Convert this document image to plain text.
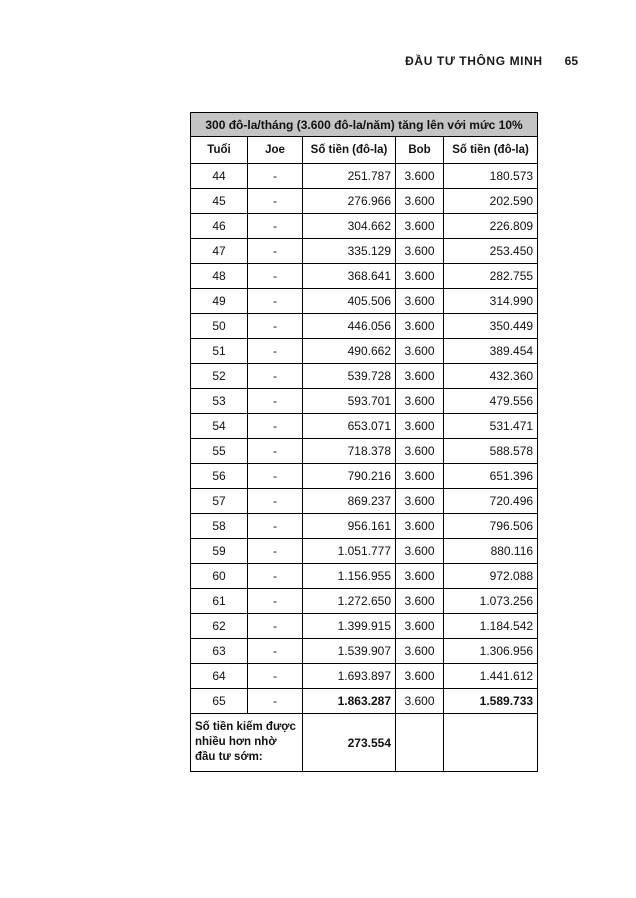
ĐẦU TƯ THÔNG MINH 65
300 đô-la/tháng (3.600 đô-la/năm) tăng lên với mức 10%				
Tuổi	Joe	Số tiền (đô-la)	Bob	Số tiền (đô-la)
44	-	251.787	3.600	180.573
45	-	276.966	3.600	202.590
46	-	304.662	3.600	226.809
47	-	335.129	3.600	253.450
48	-	368.641	3.600	282.755
49	-	405.506	3.600	314.990
50	-	446.056	3.600	350.449
51	-	490.662	3.600	389.454
52	-	539.728	3.600	432.360
53	-	593.701	3.600	479.556
54	-	653.071	3.600	531.471
55	-	718.378	3.600	588.578
56	-	790.216	3.600	651.396
57	-	869.237	3.600	720.496
58	-	956.161	3.600	796.506
59	-	1.051.777	3.600	880.116
60	-	1.156.955	3.600	972.088
61	-	1.272.650	3.600	1.073.256
62	-	1.399.915	3.600	1.184.542
63	-	1.539.907	3.600	1.306.956
64	-	1.693.897	3.600	1.441.612
65	-	1.863.287	3.600	1.589.733
Số tiền kiếm được nhiều hơn nhờ đầu tư sớm:		273.554		
